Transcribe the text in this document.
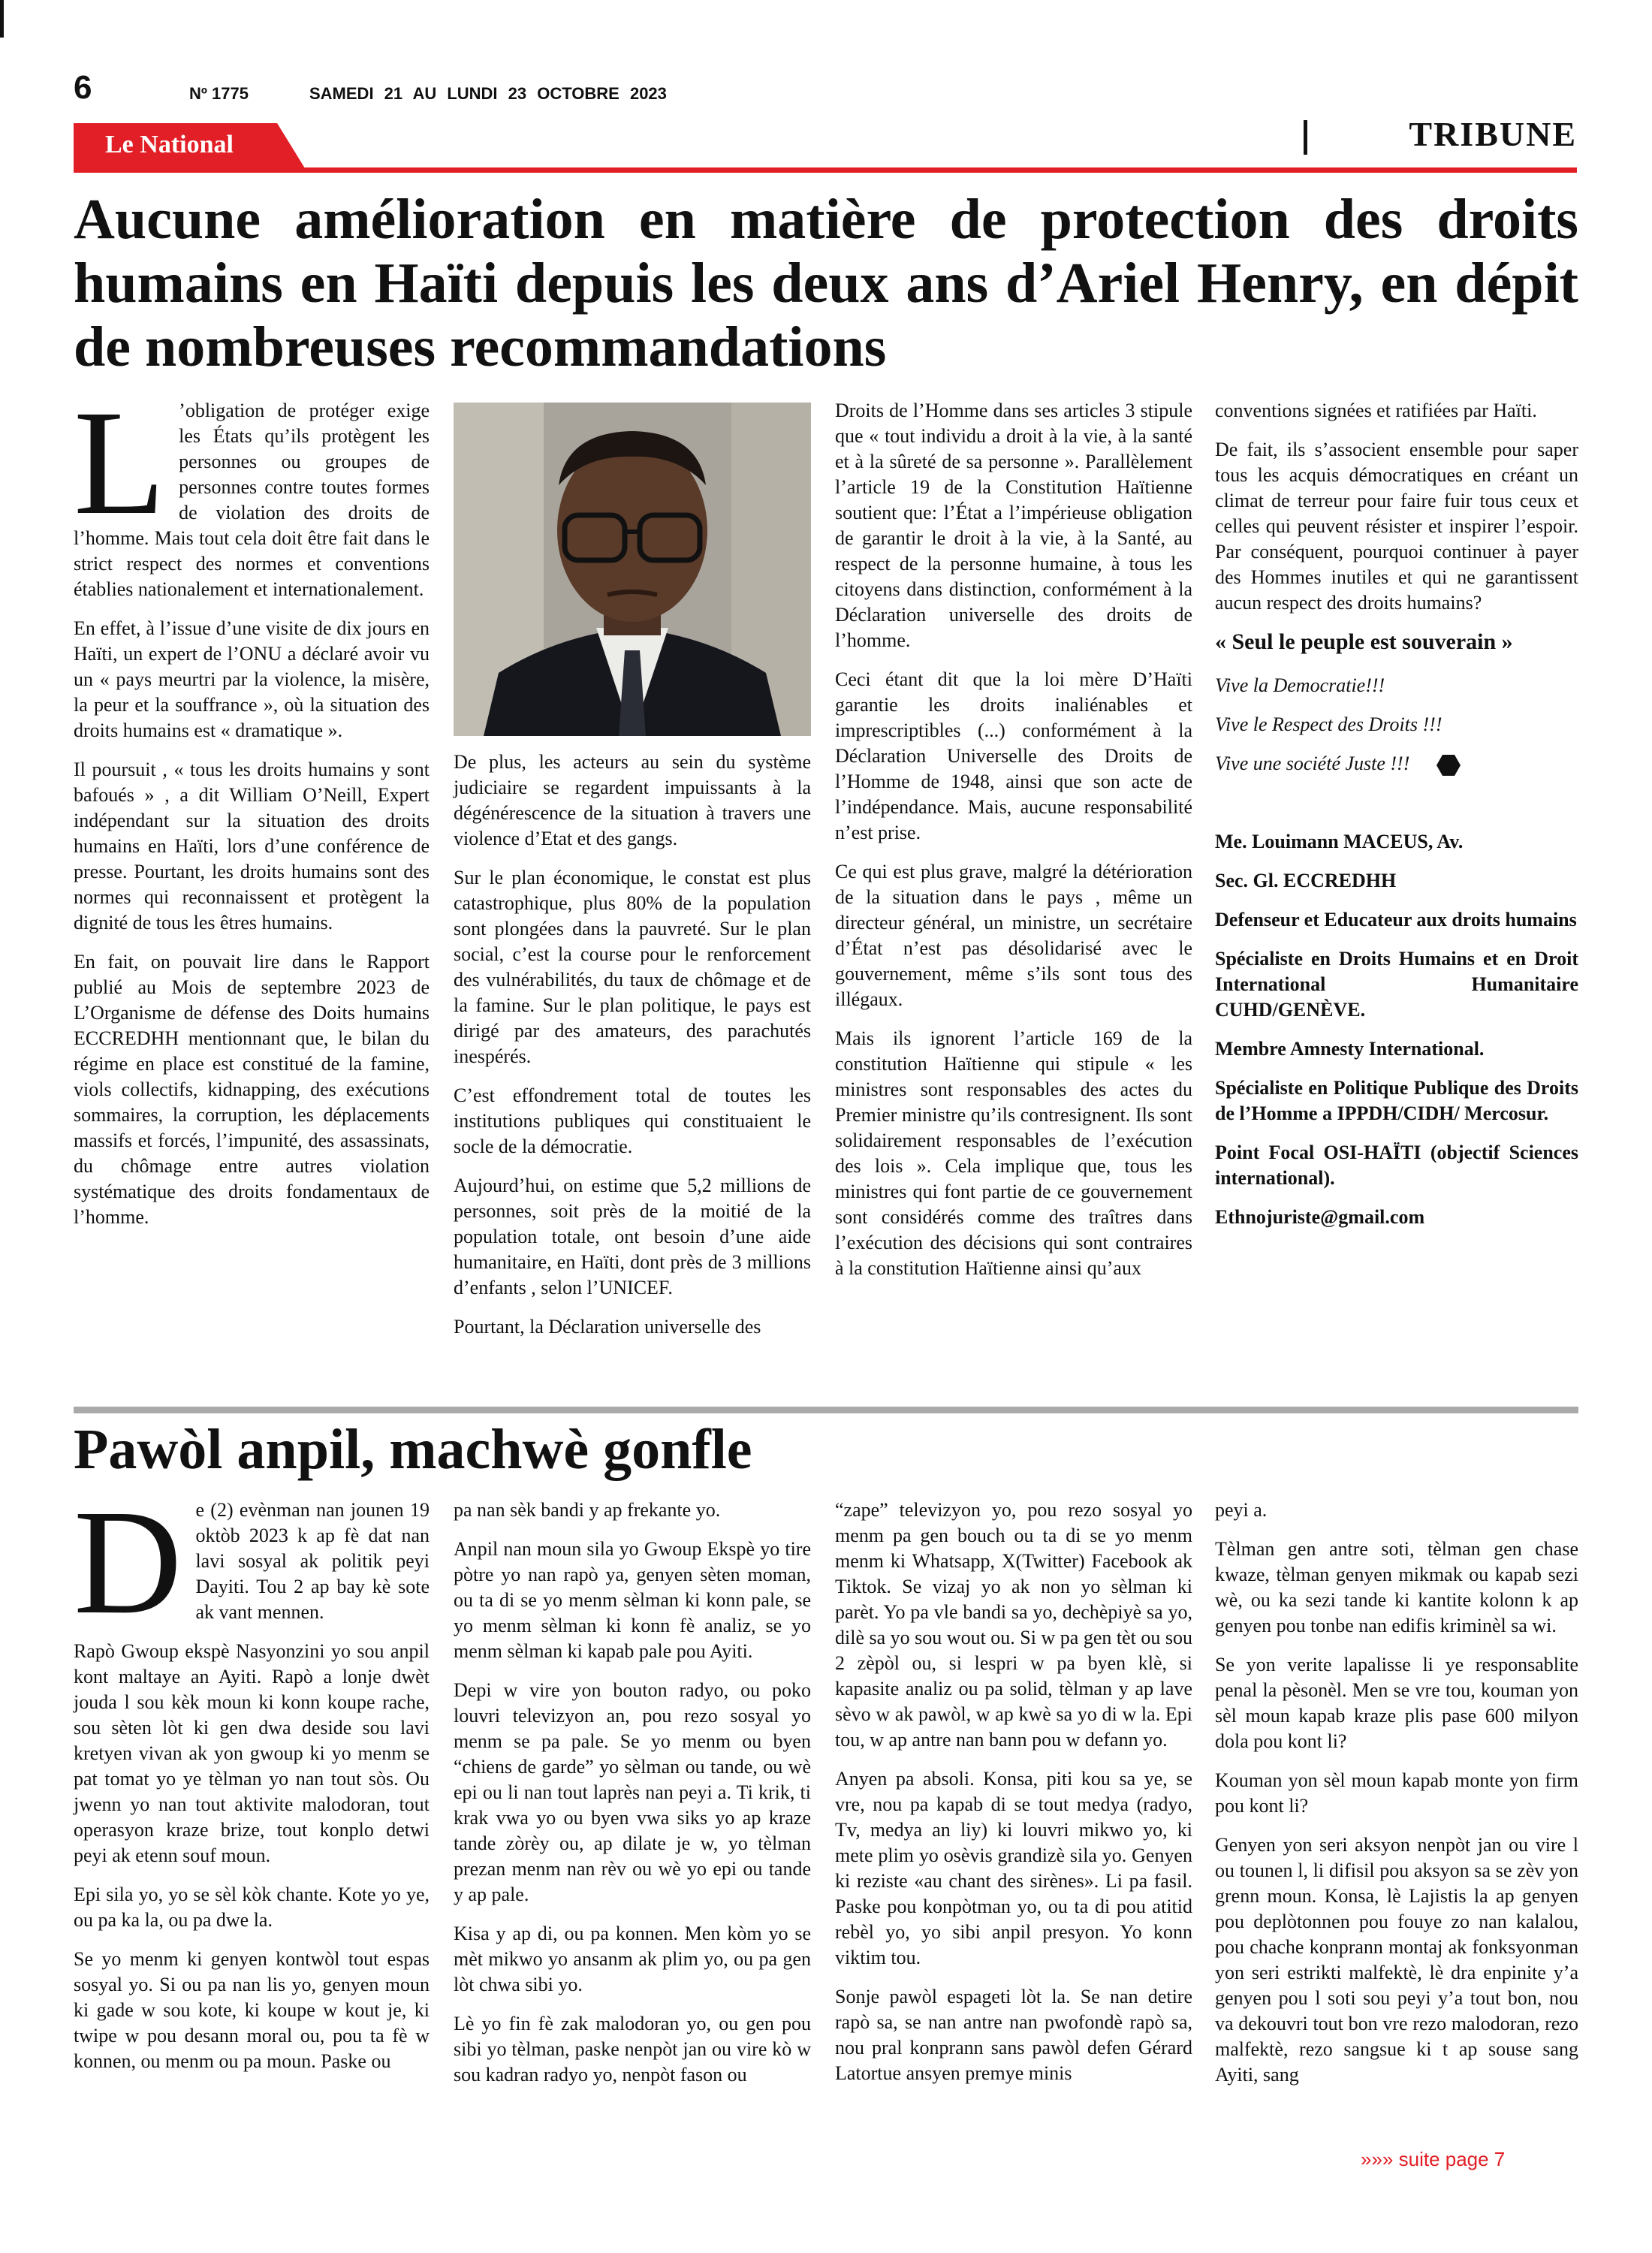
6	Nº 1775	SAMEDI 21 AU LUNDI 23 OCTOBRE 2023
Le National	TRIBUNE
Aucune amélioration en matière de protection des droits humains en Haïti depuis les deux ans d’Ariel Henry, en dépit de nombreuses recommandations

L ’obligation de protéger exige les États qu’ils protègent les personnes ou groupes de personnes contre toutes formes de violation des droits de l’homme. Mais tout cela doit être fait dans le strict respect des normes et conventions établies nationalement et internationalement.

En effet, à l’issue d’une visite de dix jours en Haïti, un expert de l’ONU a déclaré avoir vu un « pays meurtri par la violence, la misère, la peur et la souffrance », où la situation des droits humains est « dramatique ».

Il poursuit , « tous les droits humains y sont bafoués » , a dit William O’Neill, Expert indépendant sur la situation des droits humains en Haïti, lors d’une conférence de presse. Pourtant, les droits humains sont des normes qui reconnaissent et protègent la dignité de tous les êtres humains.

En fait, on pouvait lire dans le Rapport publié au Mois de septembre 2023 de L’Organisme de défense des Doits humains ECCREDHH mentionnant que, le bilan du régime en place est constitué de la famine, viols collectifs, kidnapping, des exécutions sommaires, la corruption, les déplacements massifs et forcés, l’impunité, des assassinats, du chômage entre autres violation systématique des droits fondamentaux de l’homme.

De plus, les acteurs au sein du système judiciaire se regardent impuissants à la dégénérescence de la situation à travers une violence d’Etat et des gangs.

Sur le plan économique, le constat est plus catastrophique, plus 80% de la population sont plongées dans la pauvreté. Sur le plan social, c’est la course pour le renforcement des vulnérabilités, du taux de chômage et de la famine. Sur le plan politique, le pays est dirigé par des amateurs, des parachutés inespérés.

C’est effondrement total de toutes les institutions publiques qui constituaient le socle de la démocratie.

Aujourd’hui, on estime que 5,2 millions de personnes, soit près de la moitié de la population totale, ont besoin d’une aide humanitaire, en Haïti, dont près de 3 millions d’enfants , selon l’UNICEF.

Pourtant, la Déclaration universelle des

Droits de l’Homme dans ses articles 3 stipule que « tout individu a droit à la vie, à la santé et à la sûreté de sa personne ». Parallèlement l’article 19 de la Constitution Haïtienne soutient que: l’État a l’impérieuse obligation de garantir le droit à la vie, à la Santé, au respect de la personne humaine, à tous les citoyens dans distinction, conformément à la Déclaration universelle des droits de l’homme.

Ceci étant dit que la loi mère D’Haïti garantie les droits inaliénables et imprescriptibles (...) conformément à la Déclaration Universelle des Droits de l’Homme de 1948, ainsi que son acte de l’indépendance. Mais, aucune responsabilité n’est prise.

Ce qui est plus grave, malgré la détérioration de la situation dans le pays , même un directeur général, un ministre, un secrétaire d’État n’est pas désolidarisé avec le gouvernement, même s’ils sont tous des illégaux.

Mais ils ignorent l’article 169 de la constitution Haïtienne qui stipule « les ministres sont responsables des actes du Premier ministre qu’ils contresignent. Ils sont solidairement responsables de l’exécution des lois ». Cela implique que, tous les ministres qui font partie de ce gouvernement sont considérés comme des traîtres dans l’exécution des décisions qui sont contraires à la constitution Haïtienne ainsi qu’aux

conventions signées et ratifiées par Haïti.

De fait, ils s’associent ensemble pour saper tous les acquis démocratiques en créant un climat de terreur pour faire fuir tous ceux et celles qui peuvent résister et inspirer l’espoir. Par conséquent, pourquoi continuer à payer des Hommes inutiles et qui ne garantissent aucun respect des droits humains?

« Seul le peuple est souverain »

Vive la Democratie!!!

Vive le Respect des Droits !!!

Vive une société Juste !!!

Me. Louimann MACEUS, Av.

Sec. Gl. ECCREDHH

Defenseur et Educateur aux droits humains

Spécialiste en Droits Humains et en Droit International Humanitaire CUHD/GENÈVE.

Membre Amnesty International.

Spécialiste en Politique Publique des Droits de l’Homme a IPPDH/CIDH/ Mercosur.

Point Focal OSI-HAÏTI (objectif Sciences international).

Ethnojuriste@gmail.com

Pawòl anpil, machwè gonfle

De (2) evènman nan jounen 19 oktòb 2023 k ap fè dat nan lavi sosyal ak politik peyi Dayiti. Tou 2 ap bay kè sote ak vant mennen.

Rapò Gwoup ekspè Nasyonzini yo sou anpil kont maltaye an Ayiti. Rapò a lonje dwèt jouda l sou kèk moun ki konn koupe rache, sou sèten lòt ki gen dwa deside sou lavi kretyen vivan ak yon gwoup ki yo menm se pat tomat yo ye tèlman yo nan tout sòs. Ou jwenn yo nan tout aktivite malodoran, tout operasyon kraze brize, tout konplo detwi peyi ak etenn souf moun.

Epi sila yo, yo se sèl kòk chante. Kote yo ye, ou pa ka la, ou pa dwe la.

Se yo menm ki genyen kontwòl tout espas sosyal yo. Si ou pa nan lis yo, genyen moun ki gade w sou kote, ki koupe w kout je, ki twipe w pou desann moral ou, pou ta fè w konnen, ou menm ou pa moun. Paske ou

pa nan sèk bandi y ap frekante yo.

Anpil nan moun sila yo Gwoup Ekspè yo tire pòtre yo nan rapò ya, genyen sèten moman, ou ta di se yo menm sèlman ki konn pale, se yo menm sèlman ki konn fè analiz, se yo menm sèlman ki kapab pale pou Ayiti.

Depi w vire yon bouton radyo, ou poko louvri televizyon an, pou rezo sosyal yo menm se pa pale. Se yo menm ou byen “chiens de garde” yo sèlman ou tande, ou wè epi ou li nan tout laprès nan peyi a. Ti krik, ti krak vwa yo ou byen vwa siks yo ap kraze tande zòrèy ou, ap dilate je w, yo tèlman prezan menm nan rèv ou wè yo epi ou tande y ap pale.

Kisa y ap di, ou pa konnen. Men kòm yo se mèt mikwo yo ansanm ak plim yo, ou pa gen lòt chwa sibi yo.

Lè yo fin fè zak malodoran yo, ou gen pou sibi yo tèlman, paske nenpòt jan ou vire kò w sou kadran radyo yo, nenpòt fason ou

“zape” televizyon yo, pou rezo sosyal yo menm pa gen bouch ou ta di se yo menm menm ki Whatsapp, X(Twitter) Facebook ak Tiktok. Se vizaj yo ak non yo sèlman ki parèt. Yo pa vle bandi sa yo, dechèpiyè sa yo, dilè sa yo sou wout ou. Si w pa gen tèt ou sou 2 zèpòl ou, si lespri w pa byen klè, si kapasite analiz ou pa solid, tèlman y ap lave sèvo w ak pawòl, w ap kwè sa yo di w la. Epi tou, w ap antre nan bann pou w defann yo.

Anyen pa absoli. Konsa, piti kou sa ye, se vre, nou pa kapab di se tout medya (radyo, Tv, medya an liy) ki louvri mikwo yo, ki mete plim yo osèvis grandizè sila yo. Genyen ki reziste «au chant des sirènes». Li pa fasil. Paske pou konpòtman yo, ou ta di pou atitid rebèl yo, yo sibi anpil presyon. Yo konn viktim tou.

Sonje pawòl espageti lòt la. Se nan detire rapò sa, se nan antre nan pwofondè rapò sa, nou pral konprann sans pawòl defen Gérard Latortue ansyen premye minis

peyi a.

Tèlman gen antre soti, tèlman gen chase kwaze, tèlman genyen mikmak ou kapab sezi wè, ou ka sezi tande ki kantite kolonn k ap genyen pou tonbe nan edifis kriminèl sa wi.

Se yon verite lapalisse li ye responsablite penal la pèsonèl. Men se vre tou, kouman yon sèl moun kapab kraze plis pase 600 milyon dola pou kont li?

Kouman yon sèl moun kapab monte yon firm pou kont li?

Genyen yon seri aksyon nenpòt jan ou vire l ou tounen l, li difisil pou aksyon sa se zèv yon grenn moun. Konsa, lè Lajistis la ap genyen pou deplòtonnen pou fouye zo nan kalalou, pou chache konprann montaj ak fonksyonman yon seri estrikti malfektè, lè dra enpinite y’a genyen pou l soti sou peyi y’a tout bon, nou va dekouvri tout bon vre rezo malodoran, rezo malfektè, rezo sangsue ki t ap souse sang Ayiti, sang

»»» suite page 7
